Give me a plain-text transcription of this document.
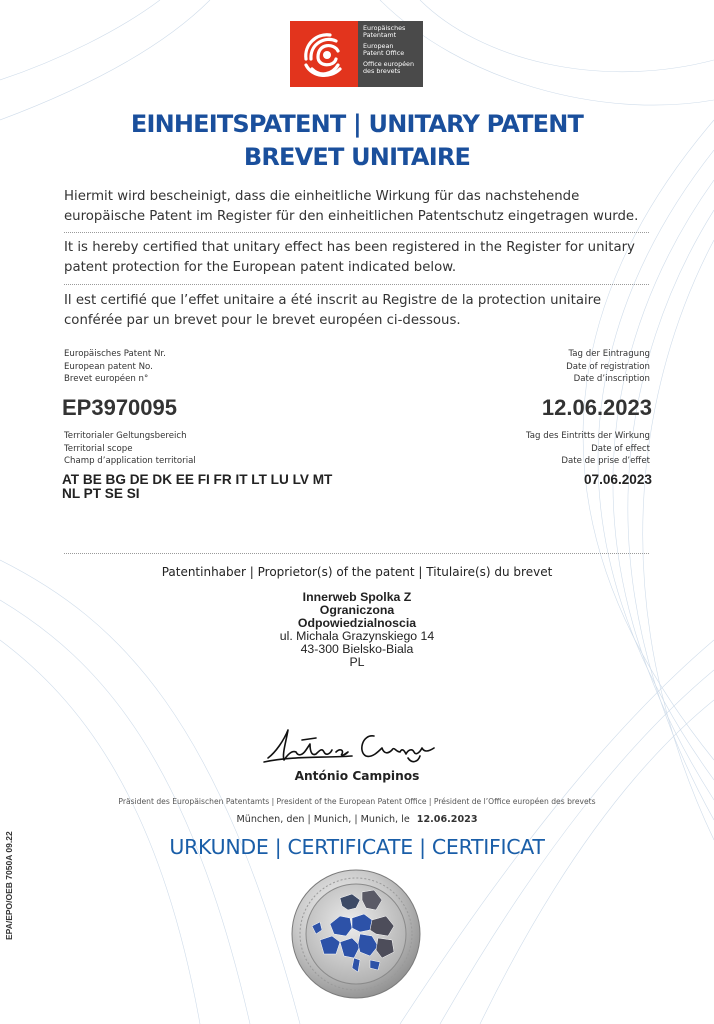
Europäisches
Patentamt
European
Patent Office
Office européen
des brevets
EINHEITSPATENT | UNITARY PATENT
BREVET UNITAIRE
Hiermit wird bescheinigt, dass die einheitliche Wirkung für das nachstehende europäische Patent im Register für den einheitlichen Patentschutz eingetragen wurde.
It is hereby certified that unitary effect has been registered in the Register for unitary patent protection for the European patent indicated below.
Il est certifié que l’effet unitaire a été inscrit au Registre de la protection unitaire conférée par un brevet pour le brevet européen ci-dessous.
Europäisches Patent Nr.
European patent No.
Brevet européen n°
EP3970095
Tag der Eintragung
Date of registration
Date d’inscription
12.06.2023
Territorialer Geltungsbereich
Territorial scope
Champ d’application territorial
AT BE BG DE DK EE FI FR IT LT LU LV MT
NL PT SE SI
Tag des Eintritts der Wirkung
Date of effect
Date de prise d’effet
07.06.2023
Patentinhaber | Proprietor(s) of the patent | Titulaire(s) du brevet
Innerweb Spolka Z
Ograniczona
Odpowiedzialnoscia
ul. Michala Grazynskiego 14
43-300 Bielsko-Biala
PL
António Campinos
Präsident des Europäischen Patentamts | President of the European Patent Office | Président de l’Office européen des brevets
München, den | Munich, | Munich, le 12.06.2023
URKUNDE | CERTIFICATE | CERTIFICAT
EPA/EPO/OEB 7050A 09.22
